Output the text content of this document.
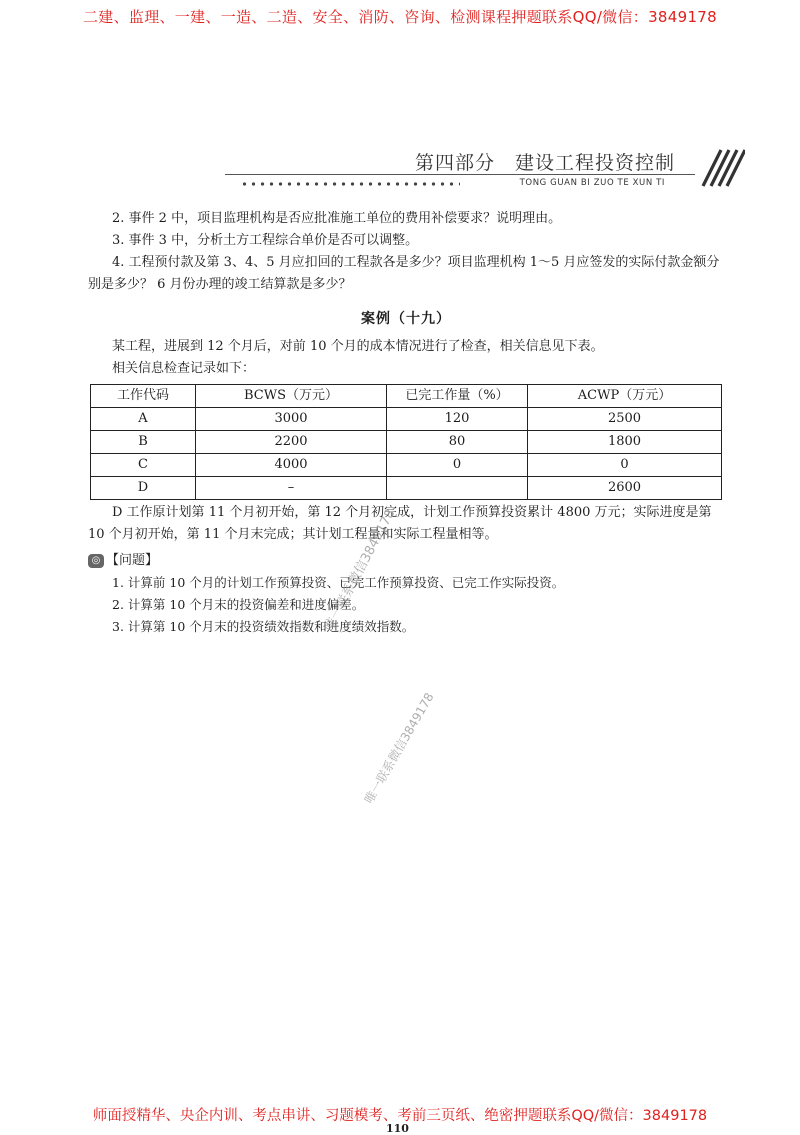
二建、监理、一建、一造、二造、安全、消防、咨询、检测课程押题联系QQ/微信：3849178
第四部分　建设工程投资控制
TONG GUAN BI ZUO TE XUN TI

2. 事件 2 中，项目监理机构是否应批准施工单位的费用补偿要求？说明理由。

3. 事件 3 中，分析土方工程综合单价是否可以调整。

4. 工程预付款及第 3、4、5 月应扣回的工程款各是多少？项目监理机构 1～5 月应签发的实际付款金额分别是多少？ 6 月份办理的竣工结算款是多少？

案例（十九）

某工程，进展到 12 个月后，对前 10 个月的成本情况进行了检查，相关信息见下表。

相关信息检查记录如下：

工作代码	BCWS（万元）	已完工作量（%）	ACWP（万元）
A	3000	120	2500
B	2200	80	1800
C	4000	0	0
D	–		2600

D 工作原计划第 11 个月初开始，第 12 个月初完成，计划工作预算投资累计 4800 万元；实际进度是第 10 个月初开始，第 11 个月末完成；其计划工程量和实际工程量相等。

◎ 【问题】

1. 计算前 10 个月的计划工作预算投资、已完工作预算投资、已完工作实际投资。

2. 计算第 10 个月末的投资偏差和进度偏差。

3. 计算第 10 个月末的投资绩效指数和进度绩效指数。

唯一联系微信3849178
唯一联系微信3849178
师面授精华、央企内训、考点串讲、习题模考、考前三页纸、绝密押题联系QQ/微信：3849178
110
